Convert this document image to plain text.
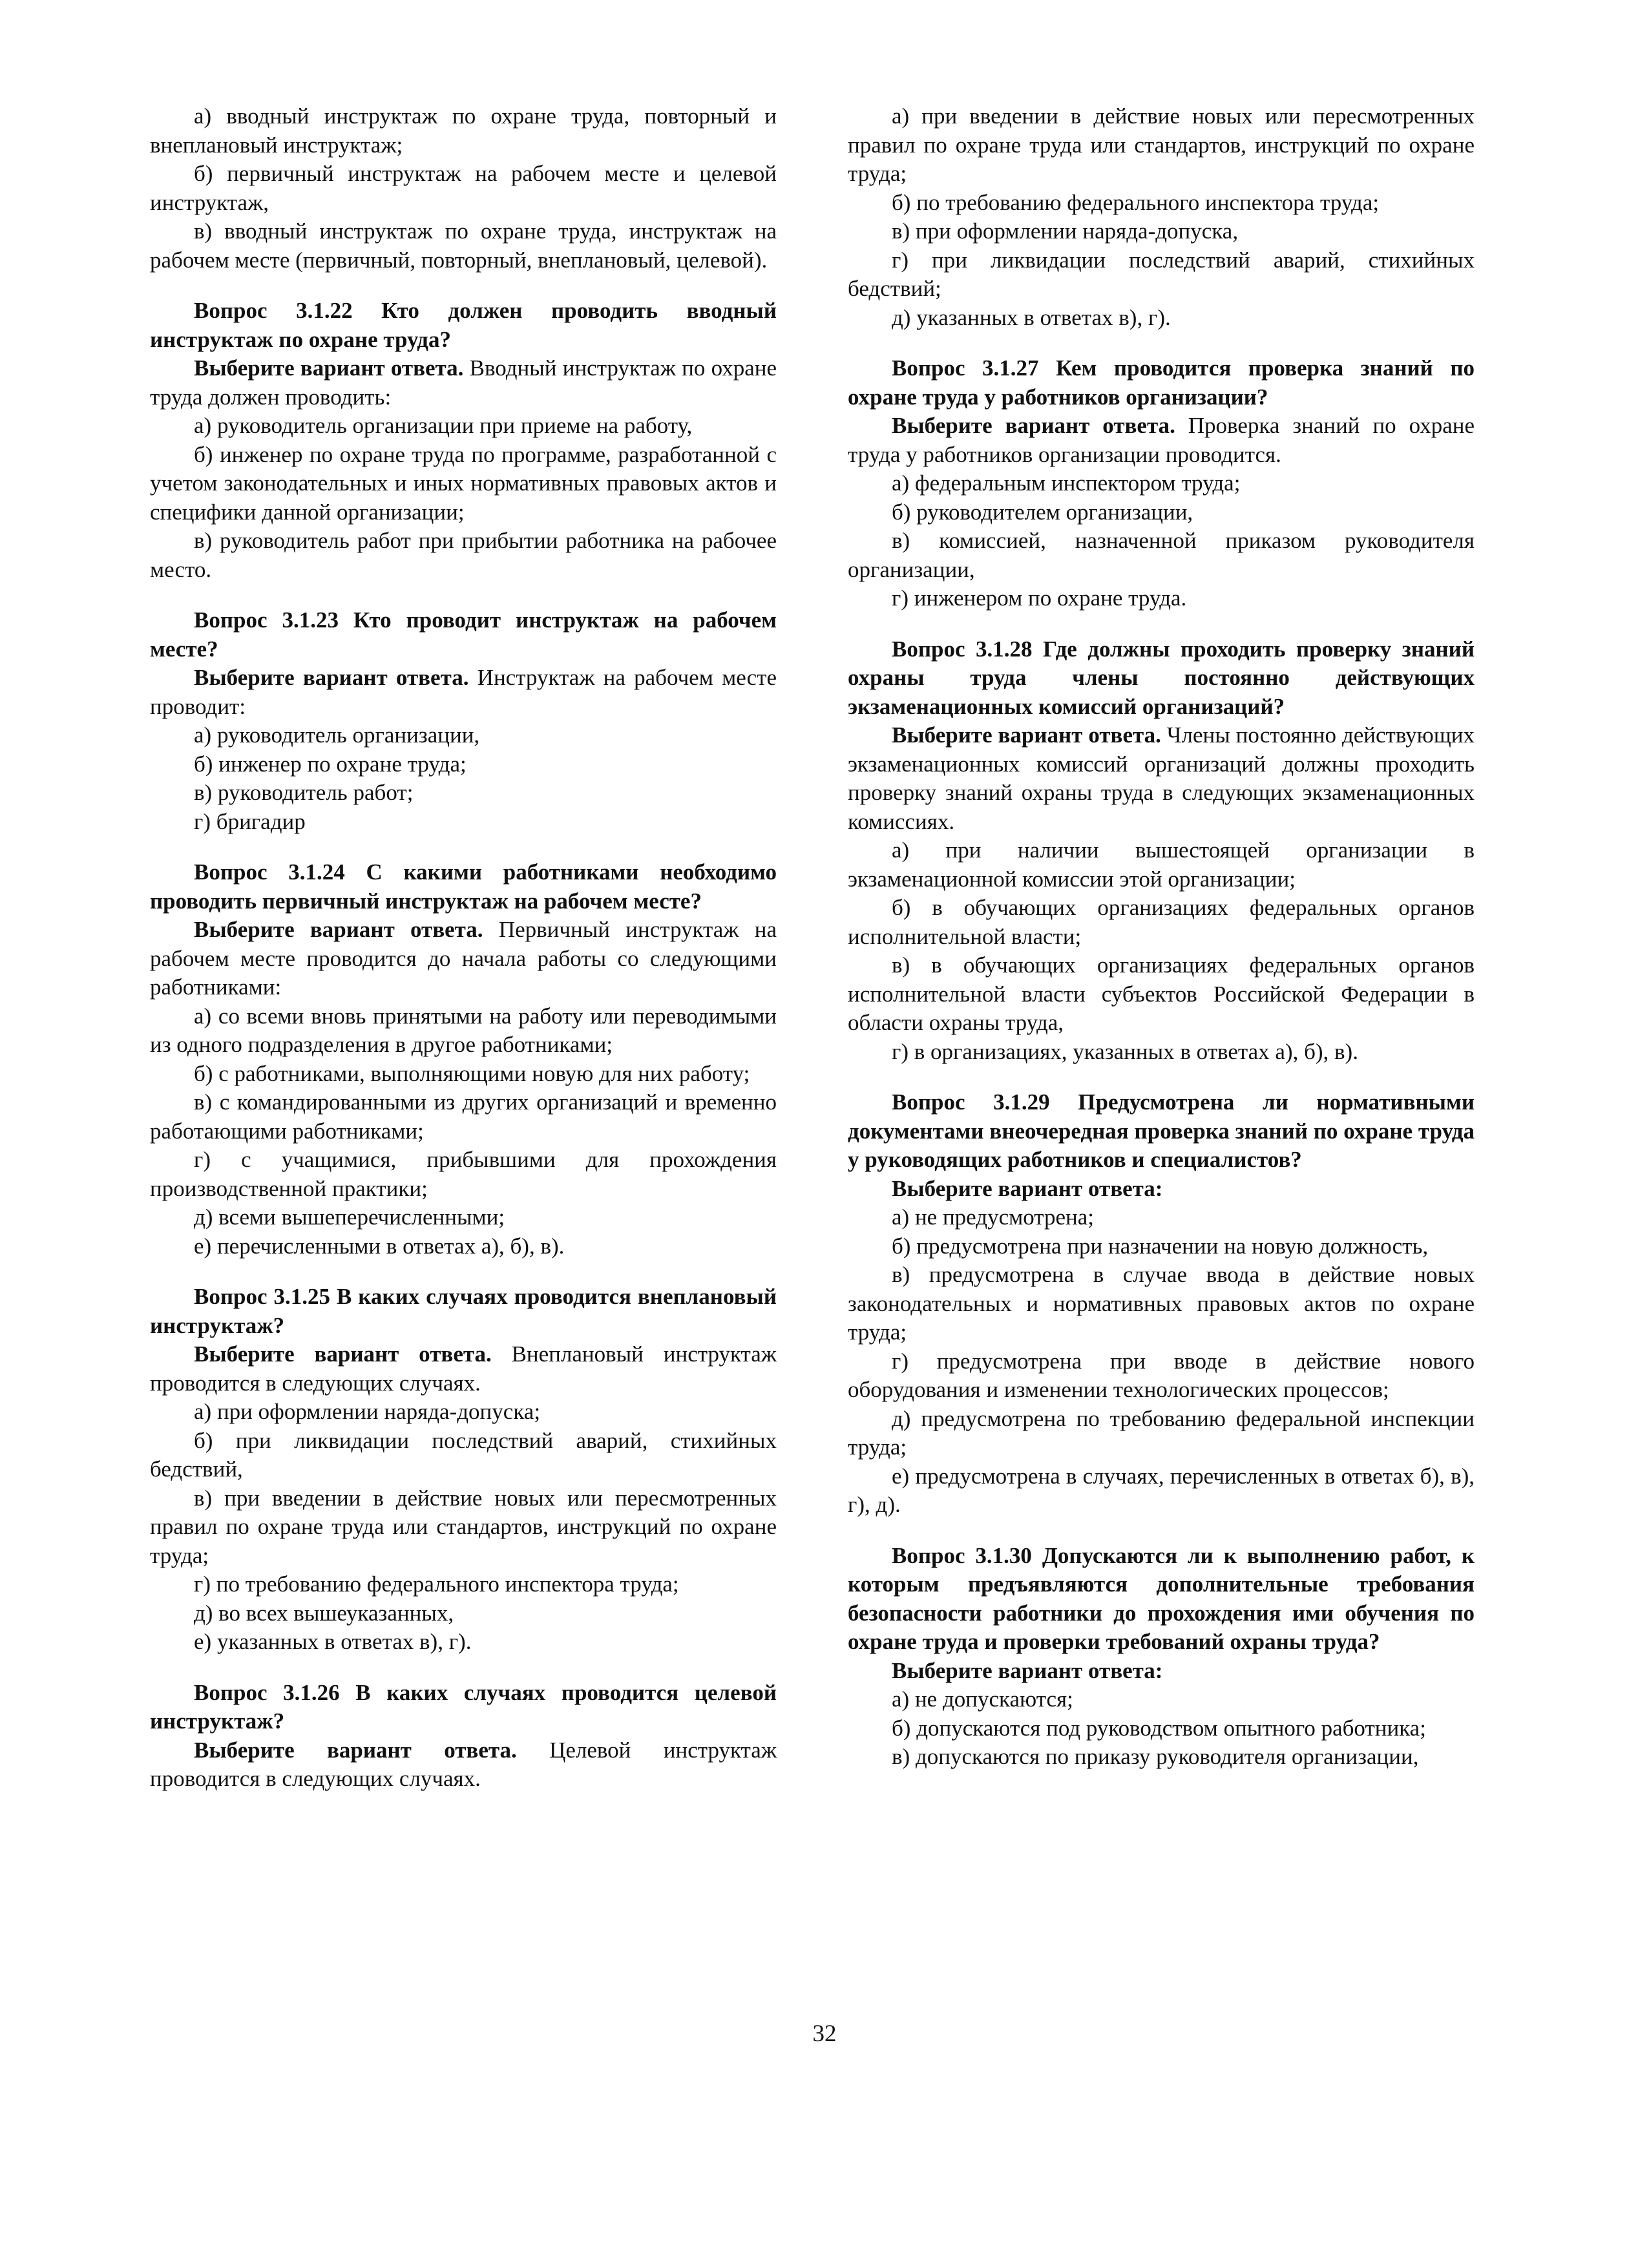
а) вводный инструктаж по охране труда, повторный и внеплановый инструктаж;

б) первичный инструктаж на рабочем месте и целевой инструктаж,

в) вводный инструктаж по охране труда, инструктаж на рабочем месте (первичный, повторный, внеплановый, целевой).

Вопрос 3.1.22 Кто должен проводить вводный инструктаж по охране труда?

Выберите вариант ответа. Вводный инструктаж по охране труда должен проводить:

а) руководитель организации при приеме на работу,

б) инженер по охране труда по программе, разработанной с учетом законодательных и иных нормативных правовых актов и специфики данной организации;

в) руководитель работ при прибытии работника на рабочее место.

Вопрос 3.1.23 Кто проводит инструктаж на рабочем месте?

Выберите вариант ответа. Инструктаж на рабочем месте проводит:

а) руководитель организации,

б) инженер по охране труда;

в) руководитель работ;

г) бригадир

Вопрос 3.1.24 С какими работниками необходимо проводить первичный инструктаж на рабочем месте?

Выберите вариант ответа. Первичный инструктаж на рабочем месте проводится до начала работы со следующими работниками:

а) со всеми вновь принятыми на работу или переводимыми из одного подразделения в другое работниками;

б) с работниками, выполняющими новую для них работу;

в) с командированными из других организаций и временно работающими работниками;

г) с учащимися, прибывшими для прохождения производственной практики;

д) всеми вышеперечисленными;

е) перечисленными в ответах а), б), в).

Вопрос 3.1.25 В каких случаях проводится внеплановый инструктаж?

Выберите вариант ответа. Внеплановый инструктаж проводится в следующих случаях.

а) при оформлении наряда-допуска;

б) при ликвидации последствий аварий, стихийных бедствий,

в) при введении в действие новых или пересмотренных правил по охране труда или стандартов, инструкций по охране труда;

г) по требованию федерального инспектора труда;

д) во всех вышеуказанных,

е) указанных в ответах в), г).

Вопрос 3.1.26 В каких случаях проводится целевой инструктаж?

Выберите вариант ответа. Целевой инструктаж проводится в следующих случаях.

а) при введении в действие новых или пересмотренных правил по охране труда или стандартов, инструкций по охране труда;

б) по требованию федерального инспектора труда;

в) при оформлении наряда-допуска,

г) при ликвидации последствий аварий, стихийных бедствий;

д) указанных в ответах в), г).

Вопрос 3.1.27 Кем проводится проверка знаний по охране труда у работников организации?

Выберите вариант ответа. Проверка знаний по охране труда у работников организации проводится.

а) федеральным инспектором труда;

б) руководителем организации,

в) комиссией, назначенной приказом руководителя организации,

г) инженером по охране труда.

Вопрос 3.1.28 Где должны проходить проверку знаний охраны труда члены постоянно действующих экзаменационных комиссий организаций?

Выберите вариант ответа. Члены постоянно действующих экзаменационных комиссий организаций должны проходить проверку знаний охраны труда в следующих экзаменационных комиссиях.

а) при наличии вышестоящей организации в экзаменационной комиссии этой организации;

б) в обучающих организациях федеральных органов исполнительной власти;

в) в обучающих организациях федеральных органов исполнительной власти субъектов Российской Федерации в области охраны труда,

г) в организациях, указанных в ответах а), б), в).

Вопрос 3.1.29 Предусмотрена ли нормативными документами внеочередная проверка знаний по охране труда у руководящих работников и специалистов?

Выберите вариант ответа:

а) не предусмотрена;

б) предусмотрена при назначении на новую должность,

в) предусмотрена в случае ввода в действие новых законодательных и нормативных правовых актов по охране труда;

г) предусмотрена при вводе в действие нового оборудования и изменении технологических процессов;

д) предусмотрена по требованию федеральной инспекции труда;

е) предусмотрена в случаях, перечисленных в ответах б), в), г), д).

Вопрос 3.1.30 Допускаются ли к выполнению работ, к которым предъявляются дополнительные требования безопасности работники до прохождения ими обучения по охране труда и проверки требований охраны труда?

Выберите вариант ответа:

а) не допускаются;

б) допускаются под руководством опытного работника;

в) допускаются по приказу руководителя организации,

32
